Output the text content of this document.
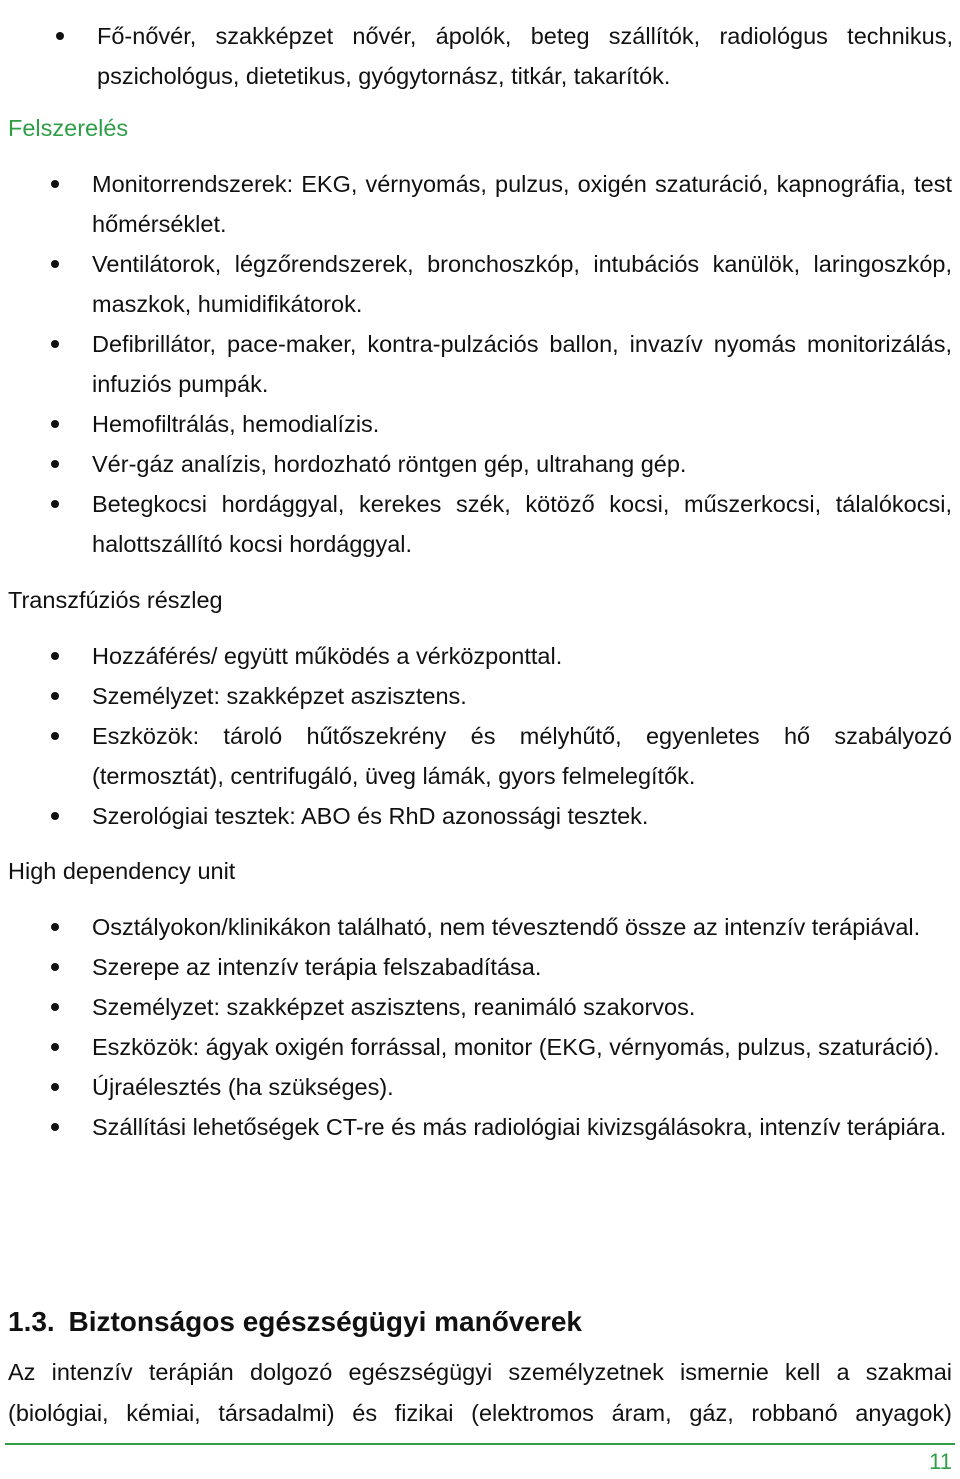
Fő-nővér, szakképzet nővér, ápolók, beteg szállítók, radiológus technikus, pszichológus, dietetikus, gyógytornász, titkár, takarítók.
Felszerelés
Monitorrendszerek: EKG, vérnyomás, pulzus, oxigén szaturáció, kapnográfia, test hőmérséklet.
Ventilátorok, légzőrendszerek, bronchoszkóp, intubációs kanülök, laringoszkóp, maszkok, humidifikátorok.
Defibrillátor, pace-maker, kontra-pulzációs ballon, invazív nyomás monitorizálás, infuziós pumpák.
Hemofiltrálás, hemodialízis.
Vér-gáz analízis, hordozható röntgen gép, ultrahang gép.
Betegkocsi hordággyal, kerekes szék, kötöző kocsi, műszerkocsi, tálalókocsi, halottszállító kocsi hordággyal.
Transzfúziós részleg
Hozzáférés/ együtt működés a vérközponttal.
Személyzet: szakképzet aszisztens.
Eszközök: tároló hűtőszekrény és mélyhűtő, egyenletes hő szabályozó (termosztát), centrifugáló, üveg lámák, gyors felmelegítők.
Szerológiai tesztek: ABO és RhD azonossági tesztek.
High dependency unit
Osztályokon/klinikákon található, nem tévesztendő össze az intenzív terápiával.
Szerepe az intenzív terápia felszabadítása.
Személyzet: szakképzet aszisztens, reanimáló szakorvos.
Eszközök: ágyak oxigén forrással, monitor (EKG, vérnyomás, pulzus, szaturáció).
Újraélesztés (ha szükséges).
Szállítási lehetőségek CT-re és más radiológiai kivizsgálásokra, intenzív terápiára.
1.3. Biztonságos egészségügyi manőverek
Az intenzív terápián dolgozó egészségügyi személyzetnek ismernie kell a szakmai (biológiai, kémiai, társadalmi) és fizikai (elektromos áram, gáz, robbanó anyagok)
11
